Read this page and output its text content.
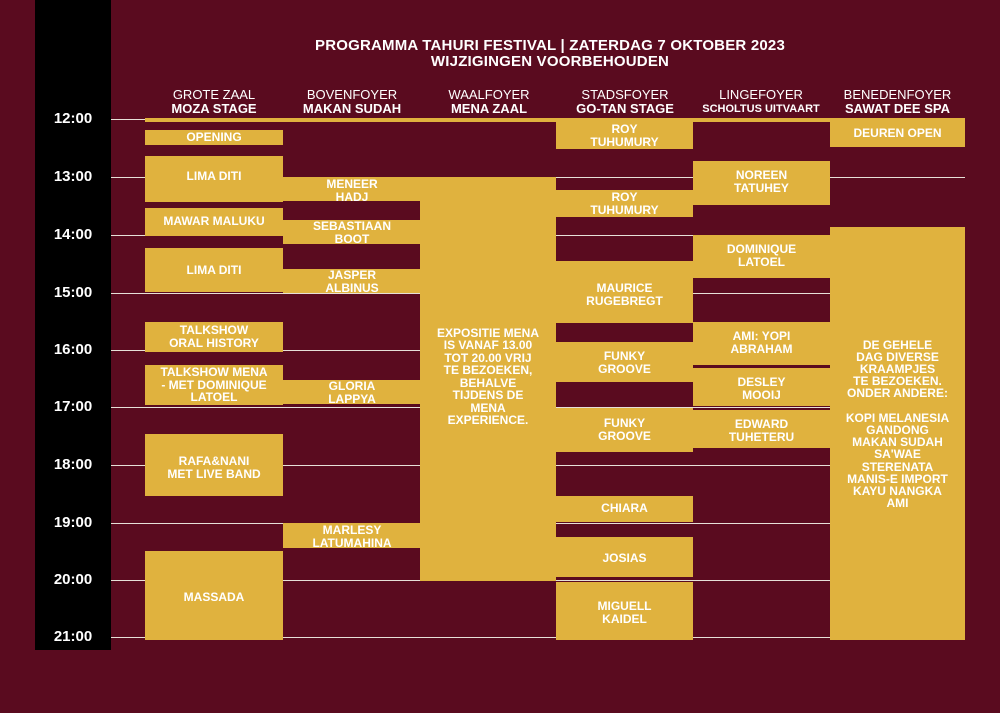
12:00
13:00
14:00
15:00
16:00
17:00
18:00
19:00
20:00
21:00
PROGRAMMA TAHURI FESTIVAL | ZATERDAG 7 OKTOBER 2023
WIJZIGINGEN VOORBEHOUDEN
GROTE ZAAL
MOZA STAGE
BOVENFOYER
MAKAN SUDAH
WAALFOYER
MENA ZAAL
STADSFOYER
GO-TAN STAGE
LINGEFOYER
SCHOLTUS UITVAART
BENEDENFOYER
SAWAT DEE SPA
OPENING
LIMA DITI
MAWAR MALUKU
LIMA DITI
TALKSHOW
ORAL HISTORY
TALKSHOW MENA
- MET DOMINIQUE
LATOEL
RAFA&NANI
MET LIVE BAND
MASSADA
MENEER
HADJ
SEBASTIAAN
BOOT
JASPER
ALBINUS
GLORIA
LAPPYA
MARLESY
LATUMAHINA
EXPOSITIE MENA
IS VANAF 13.00
TOT 20.00 VRIJ
TE BEZOEKEN,
BEHALVE
TIJDENS DE
MENA
EXPERIENCE.
ROY
TUHUMURY
ROY
TUHUMURY
MAURICE
RUGEBREGT
FUNKY
GROOVE
FUNKY
GROOVE
CHIARA
JOSIAS
MIGUELL
KAIDEL
NOREEN
TATUHEY
DOMINIQUE
LATOEL
AMI: YOPI
ABRAHAM
DESLEY
MOOIJ
EDWARD
TUHETERU
DEUREN OPEN
DE GEHELE
DAG DIVERSE
KRAAMPJES
TE BEZOEKEN.
ONDER ANDERE:

KOPI MELANESIA
GANDONG
MAKAN SUDAH
SA'WAE
STERENATA
MANIS-E IMPORT
KAYU NANGKA
AMI
